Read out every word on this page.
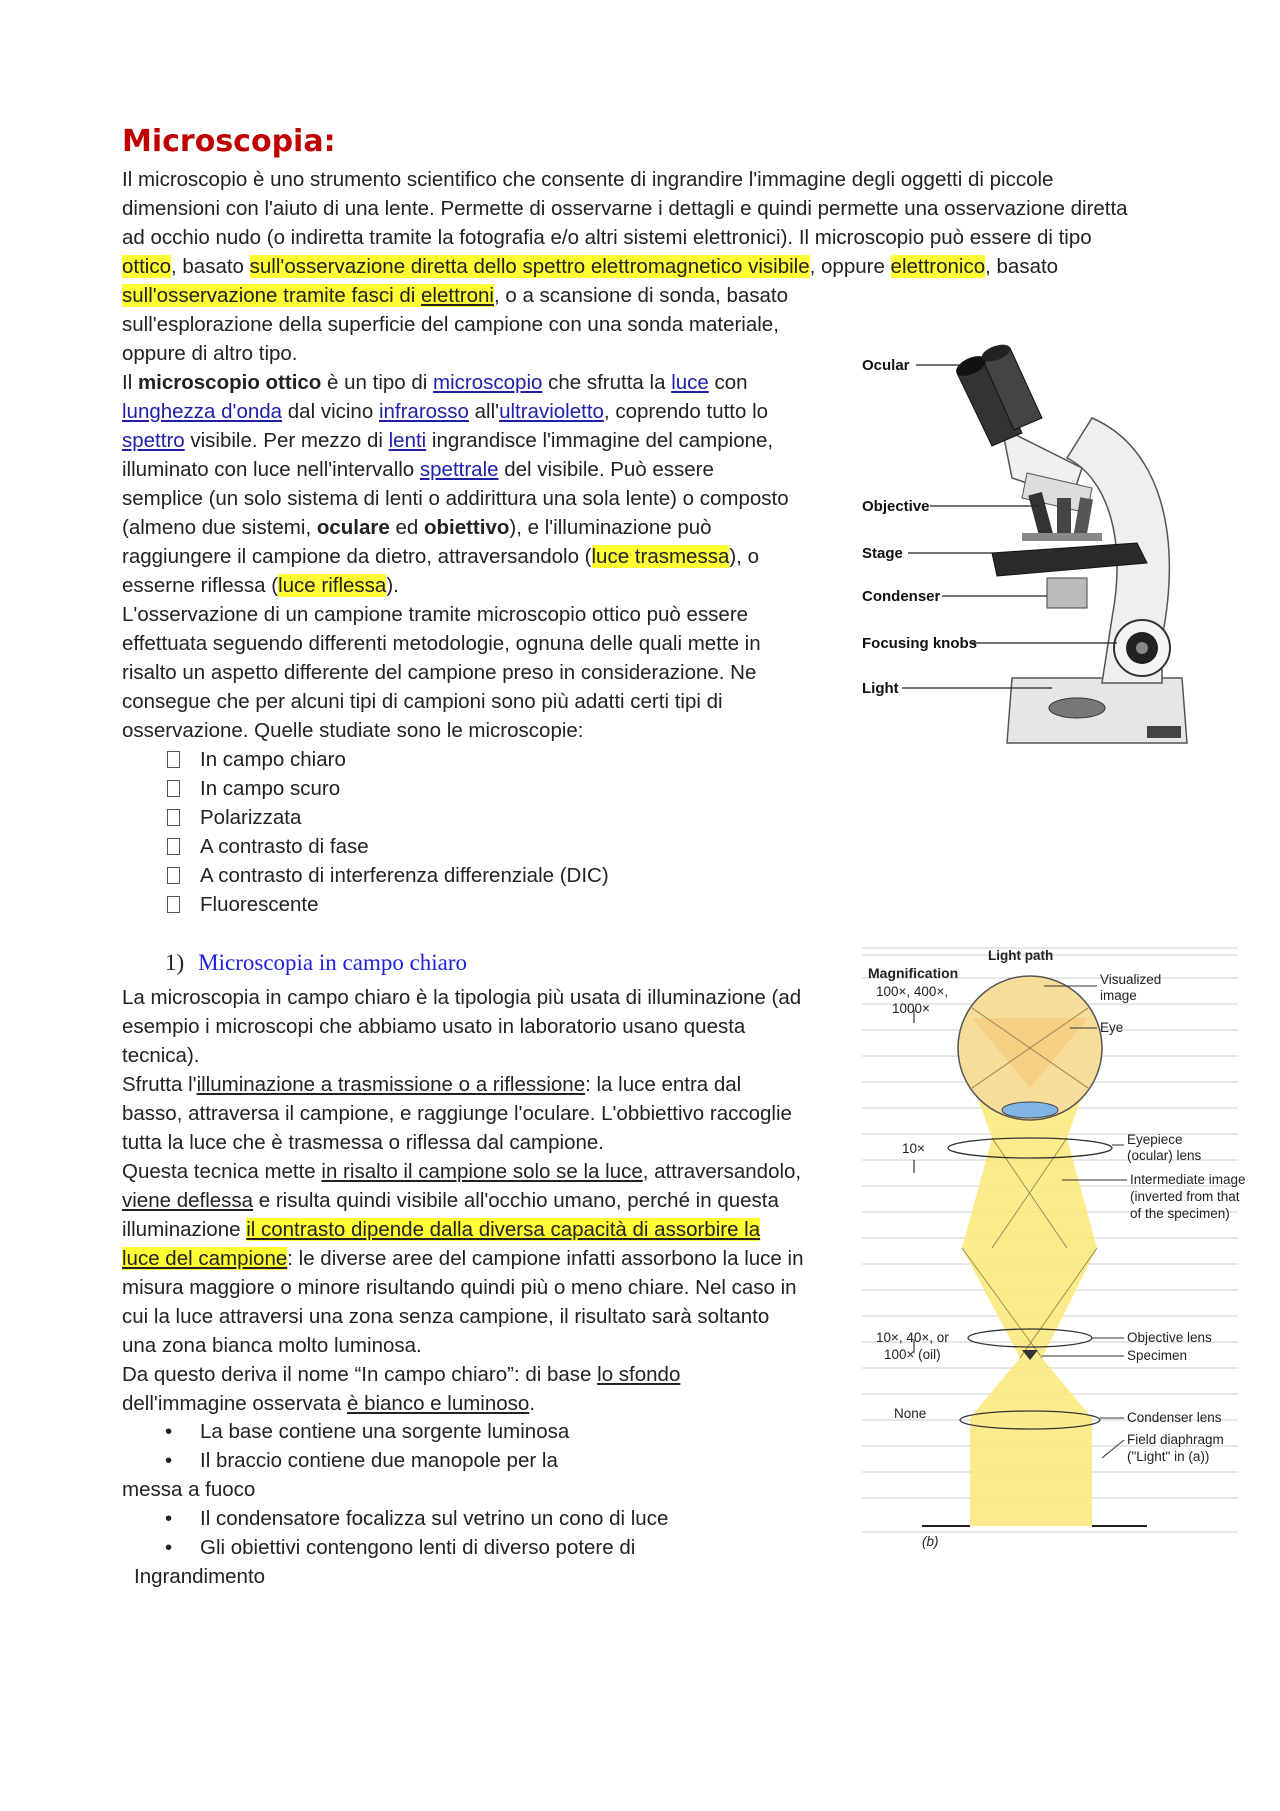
Microscopia:

Il microscopio è uno strumento scientifico che consente di ingrandire l'immagine degli oggetti di piccole dimensioni con l'aiuto di una lente. Permette di osservarne i dettagli e quindi permette una osservazione diretta ad occhio nudo (o indiretta tramite la fotografia e/o altri sistemi elettronici). Il microscopio può essere di tipo ottico, basato sull'osservazione diretta dello spettro elettromagnetico visibile, oppure elettronico, basato sull'osservazione tramite fasci di elettroni, o a scansione di sonda, basato
sull'esplorazione della superficie del campione con una sonda materiale,
oppure di altro tipo.

Il microscopio ottico è un tipo di microscopio che sfrutta la luce con
lunghezza d'onda dal vicino infrarosso all'ultravioletto, coprendo tutto lo
spettro visibile. Per mezzo di lenti ingrandisce l'immagine del campione,
illuminato con luce nell'intervallo spettrale del visibile. Può essere
semplice (un solo sistema di lenti o addirittura una sola lente) o composto
(almeno due sistemi, oculare ed obiettivo), e l'illuminazione può
raggiungere il campione da dietro, attraversandolo (luce trasmessa), o
esserne riflessa (luce riflessa).

L'osservazione di un campione tramite microscopio ottico può essere
effettuata seguendo differenti metodologie, ognuna delle quali mette in
risalto un aspetto differente del campione preso in considerazione. Ne
consegue che per alcuni tipi di campioni sono più adatti certi tipi di
osservazione. Quelle studiate sono le microscopie:

In campo chiaro
In campo scuro
Polarizzata
A contrasto di fase
A contrasto di interferenza differenziale (DIC)
Fluorescente
Ocular
Objective
Stage
Condenser
Focusing knobs
Light

1) Microscopia in campo chiaro

La microscopia in campo chiaro è la tipologia più usata di illuminazione (ad
esempio i microscopi che abbiamo usato in laboratorio usano questa
tecnica).
Sfrutta l'illuminazione a trasmissione o a riflessione: la luce entra dal
basso, attraversa il campione, e raggiunge l'oculare. L'obbiettivo raccoglie
tutta la luce che è trasmessa o riflessa dal campione.
Questa tecnica mette in risalto il campione solo se la luce, attraversandolo,
viene deflessa e risulta quindi visibile all'occhio umano, perché in questa
illuminazione il contrasto dipende dalla diversa capacità di assorbire la
luce del campione: le diverse aree del campione infatti assorbono la luce in
misura maggiore o minore risultando quindi più o meno chiare. Nel caso in
cui la luce attraversi una zona senza campione, il risultato sarà soltanto
una zona bianca molto luminosa.
Da questo deriva il nome “In campo chiaro”: di base lo sfondo
dell'immagine osservata è bianco e luminoso.

• La base contiene una sorgente luminosa
• Il braccio contiene due manopole per la
messa a fuoco
• Il condensatore focalizza sul vetrino un cono di luce
• Gli obiettivi contengono lenti di diverso potere di
Ingrandimento
Light path
Magnification
100×, 400×,
1000×
10×
10×, 40×, or
100× (oil)
None
Visualized
image
Eye
Eyepiece
(ocular) lens
Intermediate image
(inverted from that
of the specimen)
Objective lens
Specimen
Condenser lens
Field diaphragm
("Light" in (a))
(b)
